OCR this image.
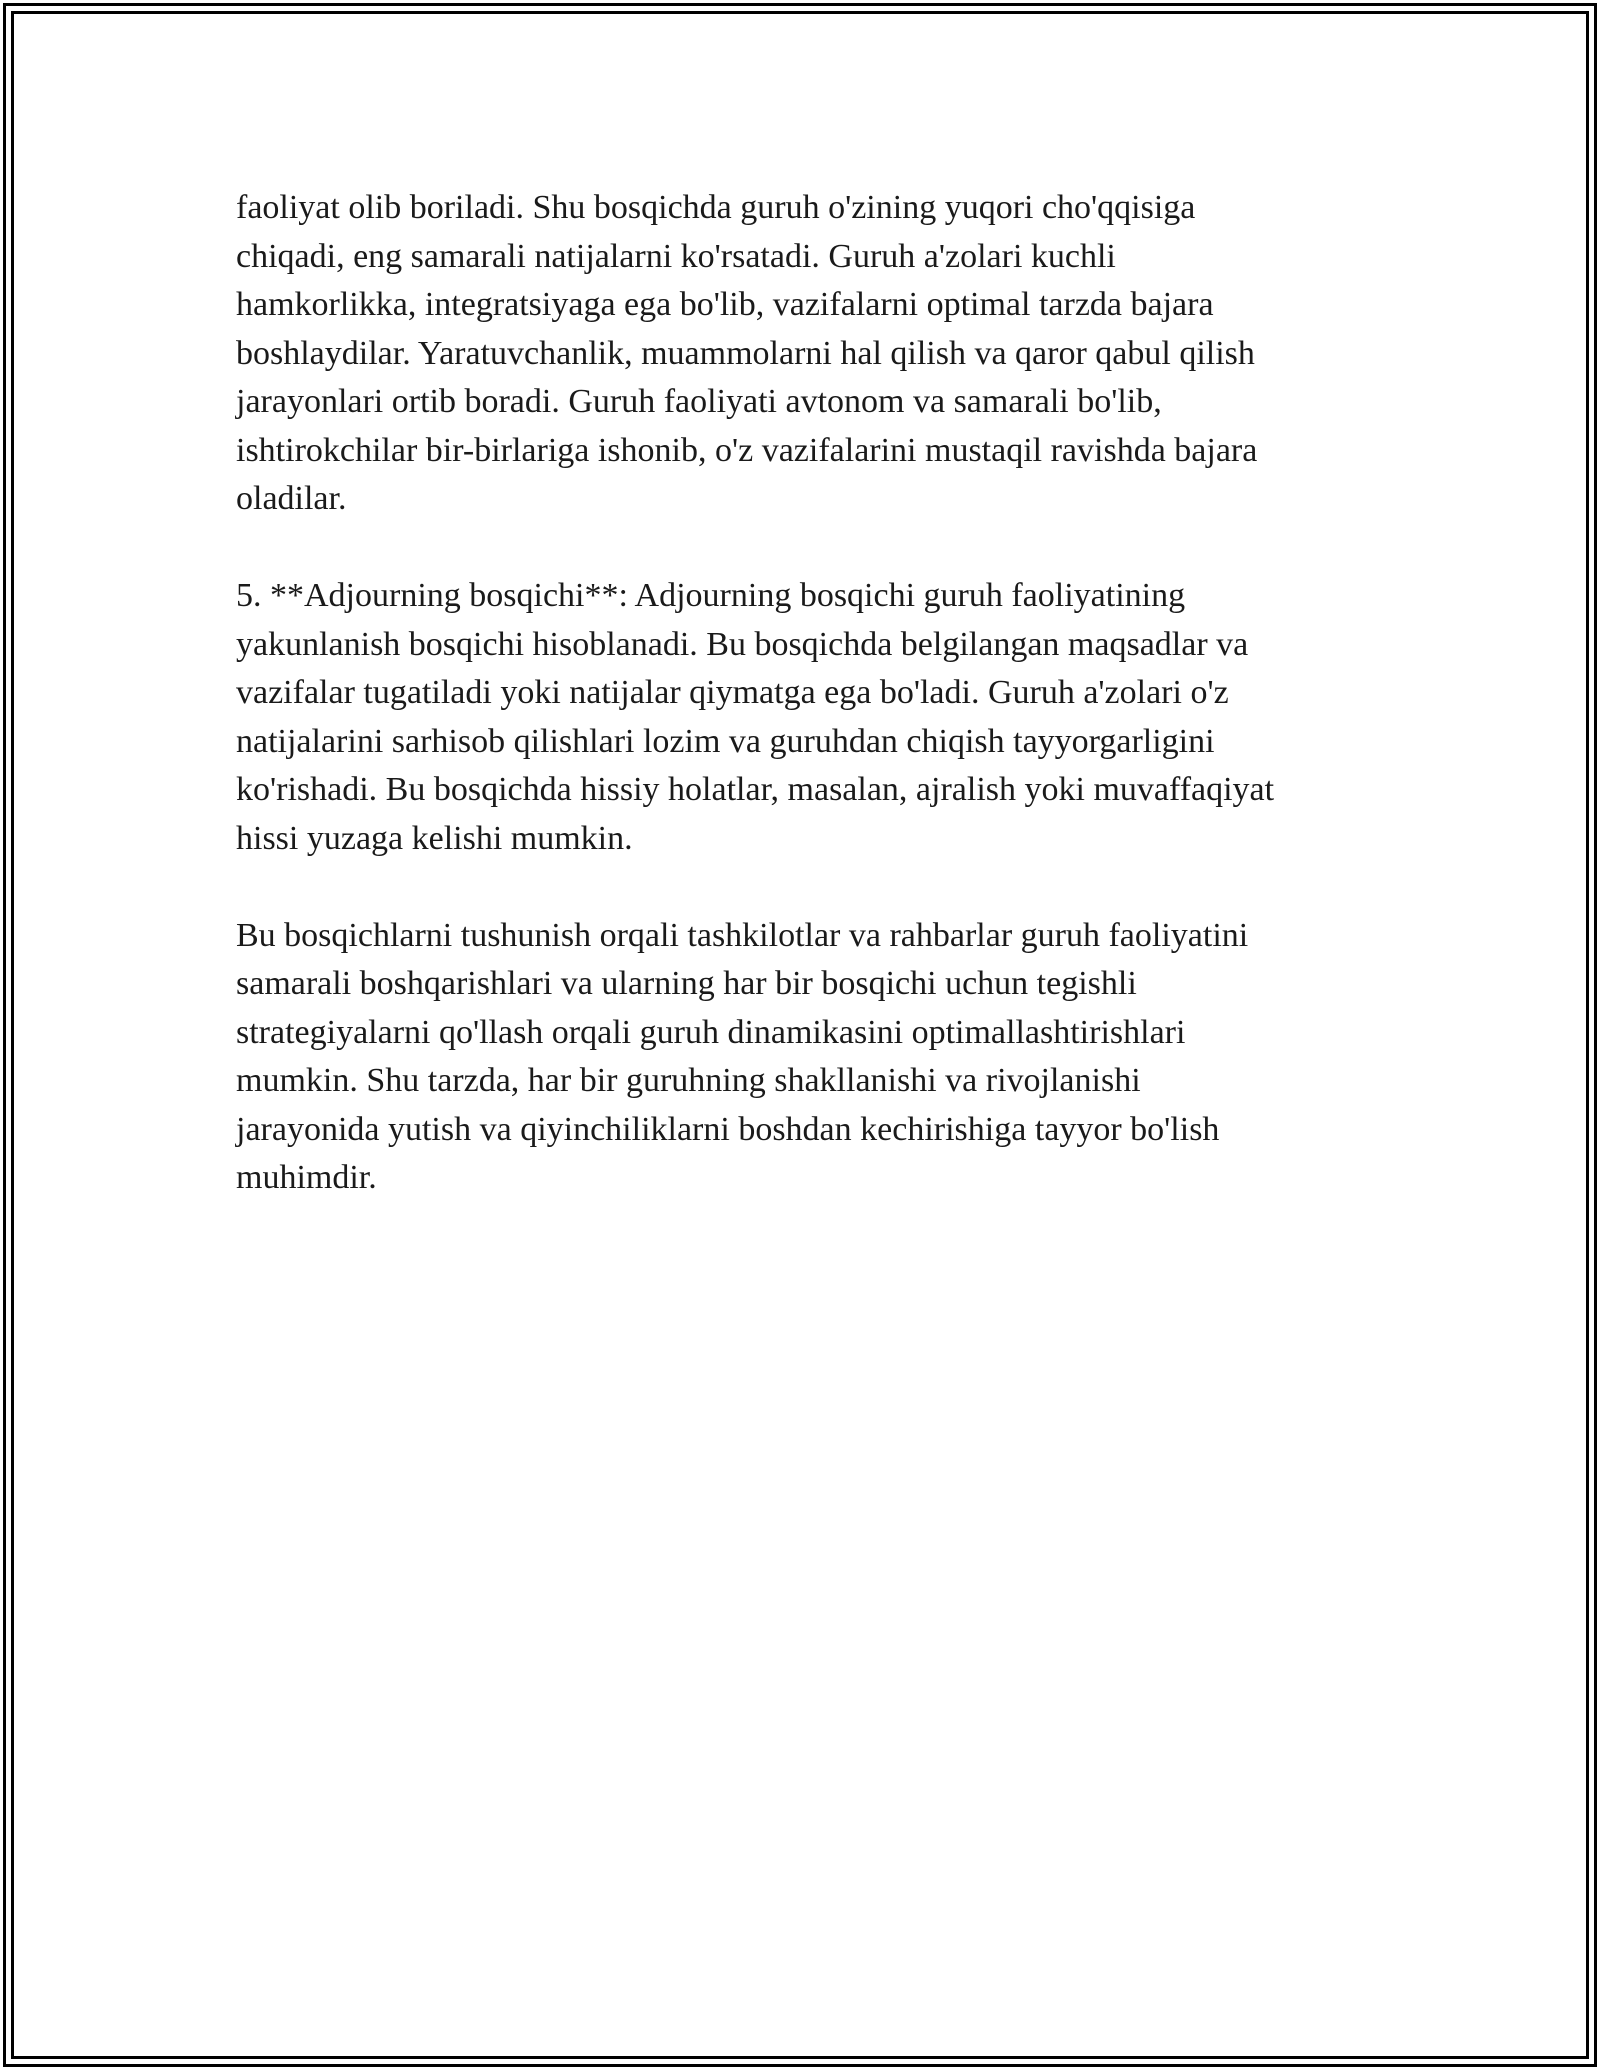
faoliyat olib boriladi. Shu bosqichda guruh o'zining yuqori cho'qqisiga
chiqadi, eng samarali natijalarni ko'rsatadi. Guruh a'zolari kuchli
hamkorlikka, integratsiyaga ega bo'lib, vazifalarni optimal tarzda bajara
boshlaydilar. Yaratuvchanlik, muammolarni hal qilish va qaror qabul qilish
jarayonlari ortib boradi. Guruh faoliyati avtonom va samarali bo'lib,
ishtirokchilar bir-birlariga ishonib, o'z vazifalarini mustaqil ravishda bajara
oladilar.

5. **Adjourning bosqichi**: Adjourning bosqichi guruh faoliyatining
yakunlanish bosqichi hisoblanadi. Bu bosqichda belgilangan maqsadlar va
vazifalar tugatiladi yoki natijalar qiymatga ega bo'ladi. Guruh a'zolari o'z
natijalarini sarhisob qilishlari lozim va guruhdan chiqish tayyorgarligini
ko'rishadi. Bu bosqichda hissiy holatlar, masalan, ajralish yoki muvaffaqiyat
hissi yuzaga kelishi mumkin.

Bu bosqichlarni tushunish orqali tashkilotlar va rahbarlar guruh faoliyatini
samarali boshqarishlari va ularning har bir bosqichi uchun tegishli
strategiyalarni qo'llash orqali guruh dinamikasini optimallashtirishlari
mumkin. Shu tarzda, har bir guruhning shakllanishi va rivojlanishi
jarayonida yutish va qiyinchiliklarni boshdan kechirishiga tayyor bo'lish
muhimdir.
